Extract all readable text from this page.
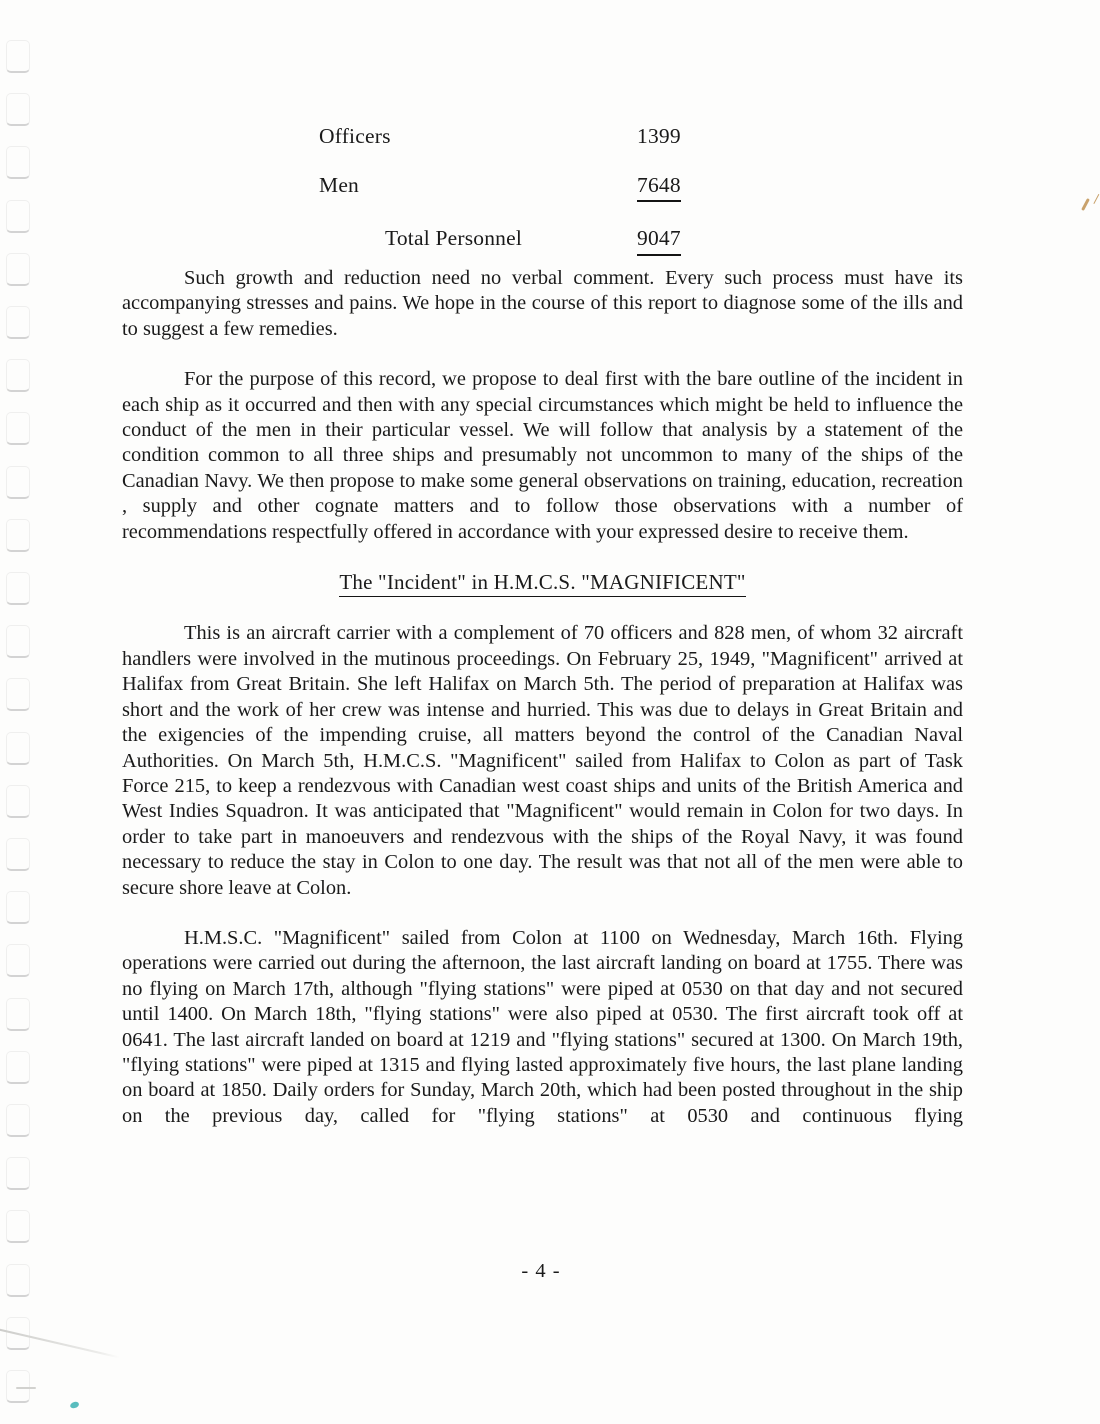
Officers	1399
Men	7648
Total Personnel	9047

Such growth and reduction need no verbal comment. Every such process must have its accompanying stresses and pains. We hope in the course of this report to diagnose some of the ills and to suggest a few remedies.

For the purpose of this record, we propose to deal first with the bare outline of the incident in each ship as it occurred and then with any special circumstances which might be held to influence the conduct of the men in their particular vessel. We will follow that analysis by a statement of the condition common to all three ships and presumably not uncommon to many of the ships of the Canadian Navy. We then propose to make some general observations on training, education, recreation , supply and other cognate matters and to follow those observations with a number of recommendations respectfully offered in accordance with your expressed desire to receive them.

The "Incident" in H.M.C.S. "MAGNIFICENT"

This is an aircraft carrier with a complement of 70 officers and 828 men, of whom 32 aircraft handlers were involved in the mutinous proceedings. On February 25, 1949, "Magnificent" arrived at Halifax from Great Britain. She left Halifax on March 5th. The period of preparation at Halifax was short and the work of her crew was intense and hurried. This was due to delays in Great Britain and the exigencies of the impending cruise, all matters beyond the control of the Canadian Naval Authorities. On March 5th, H.M.C.S. "Magnificent" sailed from Halifax to Colon as part of Task Force 215, to keep a rendezvous with Canadian west coast ships and units of the British America and West Indies Squadron. It was anticipated that "Magnificent" would remain in Colon for two days. In order to take part in manoeuvers and rendezvous with the ships of the Royal Navy, it was found necessary to reduce the stay in Colon to one day. The result was that not all of the men were able to secure shore leave at Colon.

H.M.S.C. "Magnificent" sailed from Colon at 1100 on Wednesday, March 16th. Flying operations were carried out during the afternoon, the last aircraft landing on board at 1755. There was no flying on March 17th, although "flying stations" were piped at 0530 on that day and not secured until 1400. On March 18th, "flying stations" were also piped at 0530. The first aircraft took off at 0641. The last aircraft landed on board at 1219 and "flying stations" secured at 1300. On March 19th, "flying stations" were piped at 1315 and flying lasted approximately five hours, the last plane landing on board at 1850. Daily orders for Sunday, March 20th, which had been posted throughout in the ship on the previous day, called for "flying stations" at 0530 and continuous flying

- 4 -
